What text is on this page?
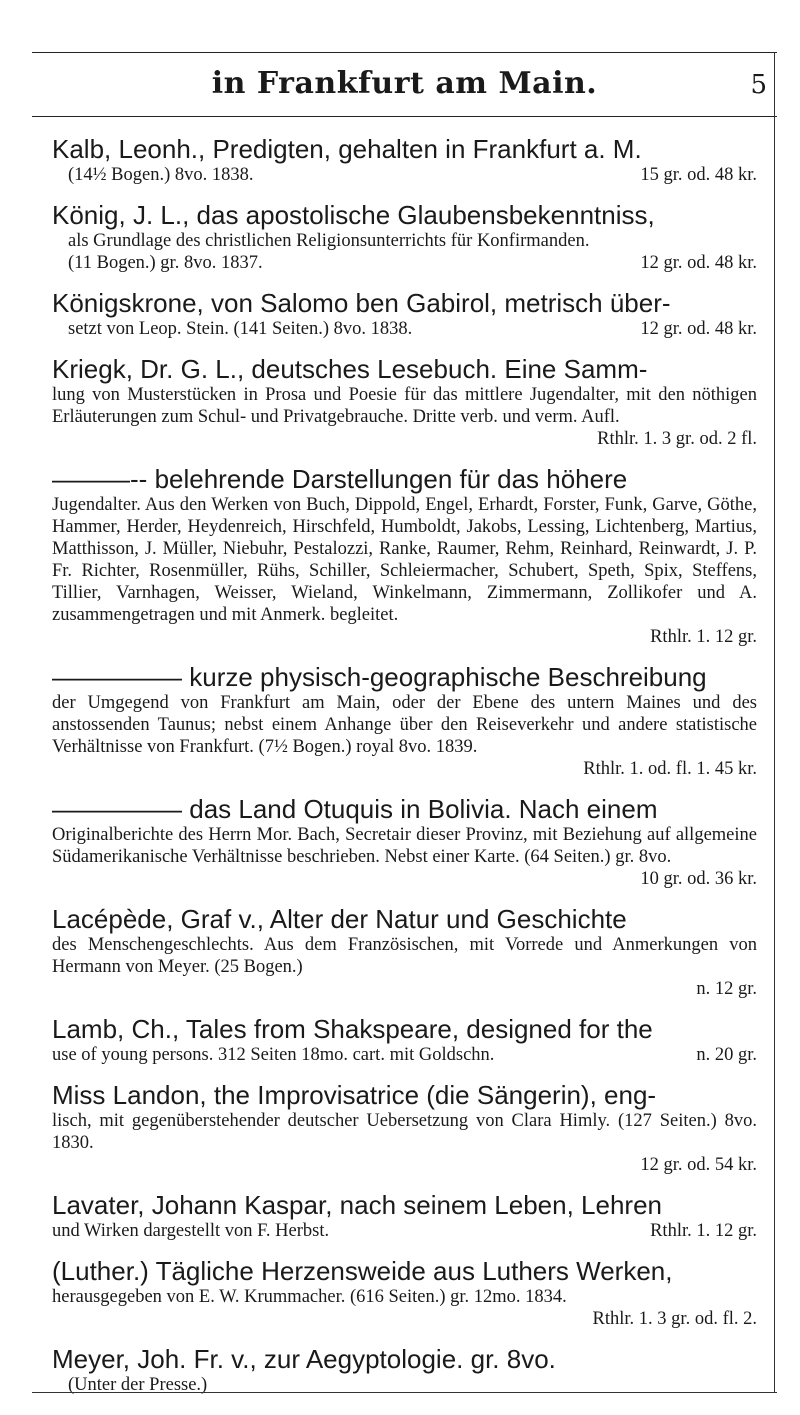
in Frankfurt am Main.	5
Kalb, Leonh., Predigten, gehalten in Frankfurt a. M.
(14½ Bogen.) 8vo. 1838.	15 gr. od. 48 kr.
König, J. L., das apostolische Glaubensbekenntniss,
als Grundlage des christlichen Religionsunterrichts für Konfirmanden.
(11 Bogen.) gr. 8vo. 1837.	12 gr. od. 48 kr.
Königskrone, von Salomo ben Gabirol, metrisch über-
setzt von Leop. Stein. (141 Seiten.) 8vo. 1838.	12 gr. od. 48 kr.
Kriegk, Dr. G. L., deutsches Lesebuch. Eine Samm-
lung von Musterstücken in Prosa und Poesie für das mittlere Jugendalter, mit den nöthigen Erläuterungen zum Schul- und Privatgebrauche. Dritte verb. und verm. Aufl.
Rthlr. 1. 3 gr. od. 2 fl.
———‑‑ belehrende Darstellungen für das höhere
Jugendalter. Aus den Werken von Buch, Dippold, Engel, Erhardt, Forster, Funk, Garve, Göthe, Hammer, Herder, Heydenreich, Hirschfeld, Humboldt, Jakobs, Lessing, Lichtenberg, Martius, Matthisson, J. Müller, Niebuhr, Pestalozzi, Ranke, Raumer, Rehm, Reinhard, Reinwardt, J. P. Fr. Richter, Rosenmüller, Rühs, Schiller, Schleiermacher, Schubert, Speth, Spix, Steffens, Tillier, Varnhagen, Weisser, Wieland, Winkelmann, Zimmermann, Zollikofer und A. zusammengetragen und mit Anmerk. begleitet.
Rthlr. 1. 12 gr.
————— kurze physisch-geographische Beschreibung
der Umgegend von Frankfurt am Main, oder der Ebene des untern Maines und des anstossenden Taunus; nebst einem Anhange über den Reiseverkehr und andere statistische Verhältnisse von Frankfurt. (7½ Bogen.) royal 8vo. 1839.
Rthlr. 1. od. fl. 1. 45 kr.
————— das Land Otuquis in Bolivia. Nach einem
Originalberichte des Herrn Mor. Bach, Secretair dieser Provinz, mit Beziehung auf allgemeine Südamerikanische Verhältnisse beschrieben. Nebst einer Karte. (64 Seiten.) gr. 8vo.
10 gr. od. 36 kr.
Lacépède, Graf v., Alter der Natur und Geschichte
des Menschengeschlechts. Aus dem Französischen, mit Vorrede und Anmerkungen von Hermann von Meyer. (25 Bogen.)
n. 12 gr.
Lamb, Ch., Tales from Shakspeare, designed for the
use of young persons. 312 Seiten 18mo. cart. mit Goldschn.	n. 20 gr.
Miss Landon, the Improvisatrice (die Sängerin), eng-
lisch, mit gegenüberstehender deutscher Uebersetzung von Clara Himly. (127 Seiten.) 8vo. 1830.
12 gr. od. 54 kr.
Lavater, Johann Kaspar, nach seinem Leben, Lehren
und Wirken dargestellt von F. Herbst.	Rthlr. 1. 12 gr.
(Luther.) Tägliche Herzensweide aus Luthers Werken,
herausgegeben von E. W. Krummacher. (616 Seiten.) gr. 12mo. 1834.
Rthlr. 1. 3 gr. od. fl. 2.
Meyer, Joh. Fr. v., zur Aegyptologie. gr. 8vo.
(Unter der Presse.)
